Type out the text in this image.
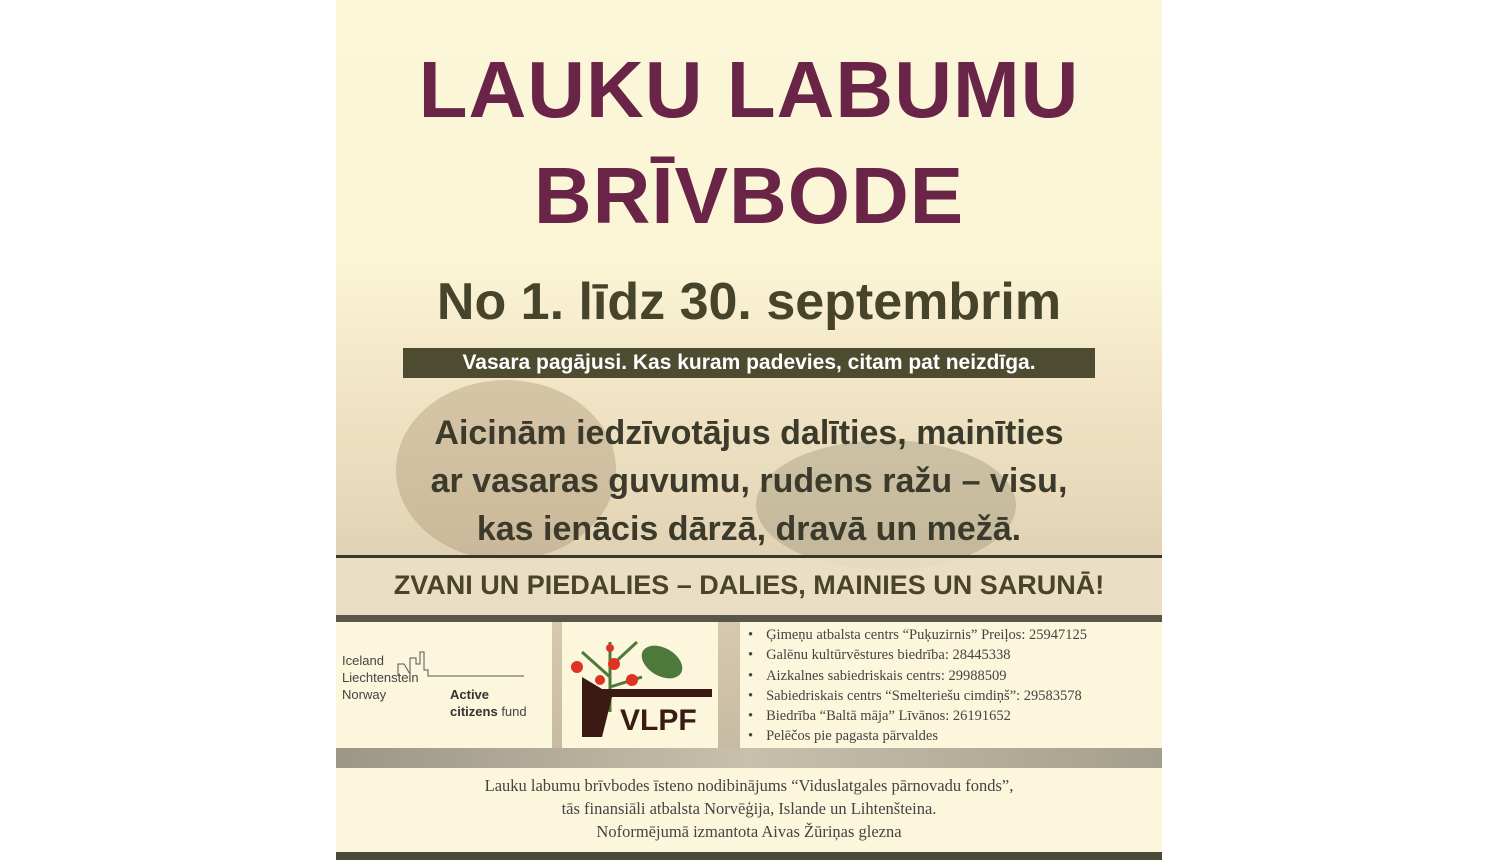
LAUKU LABUMU
BRĪVBODE
No 1. līdz 30. septembrim
Vasara pagājusi. Kas kuram padevies, citam pat neizdīga.
Aicinām iedzīvotājus dalīties, mainīties
ar vasaras guvumu, rudens ražu – visu,
kas ienācis dārzā, dravā un mežā.
ZVANI UN PIEDALIES – DALIES, MAINIES UN SARUNĀ!
Iceland
Liechtenstein
Norway	Active
citizens fund	VLPF
• Ģimeņu atbalsta centrs “Puķuzirnis” Preiļos: 25947125
• Galēnu kultūrvēstures biedrība: 28445338
• Aizkalnes sabiedriskais centrs: 29988509
• Sabiedriskais centrs “Smelteriešu cimdiņš”: 29583578
• Biedrība “Baltā māja” Līvānos: 26191652
• Pelēčos pie pagasta pārvaldes
Lauku labumu brīvbodes īsteno nodibinājums “Viduslatgales pārnovadu fonds”,
tās finansiāli atbalsta Norvēģija, Islande un Lihtenšteina.
Noformējumā izmantota Aivas Žūriņas glezna
